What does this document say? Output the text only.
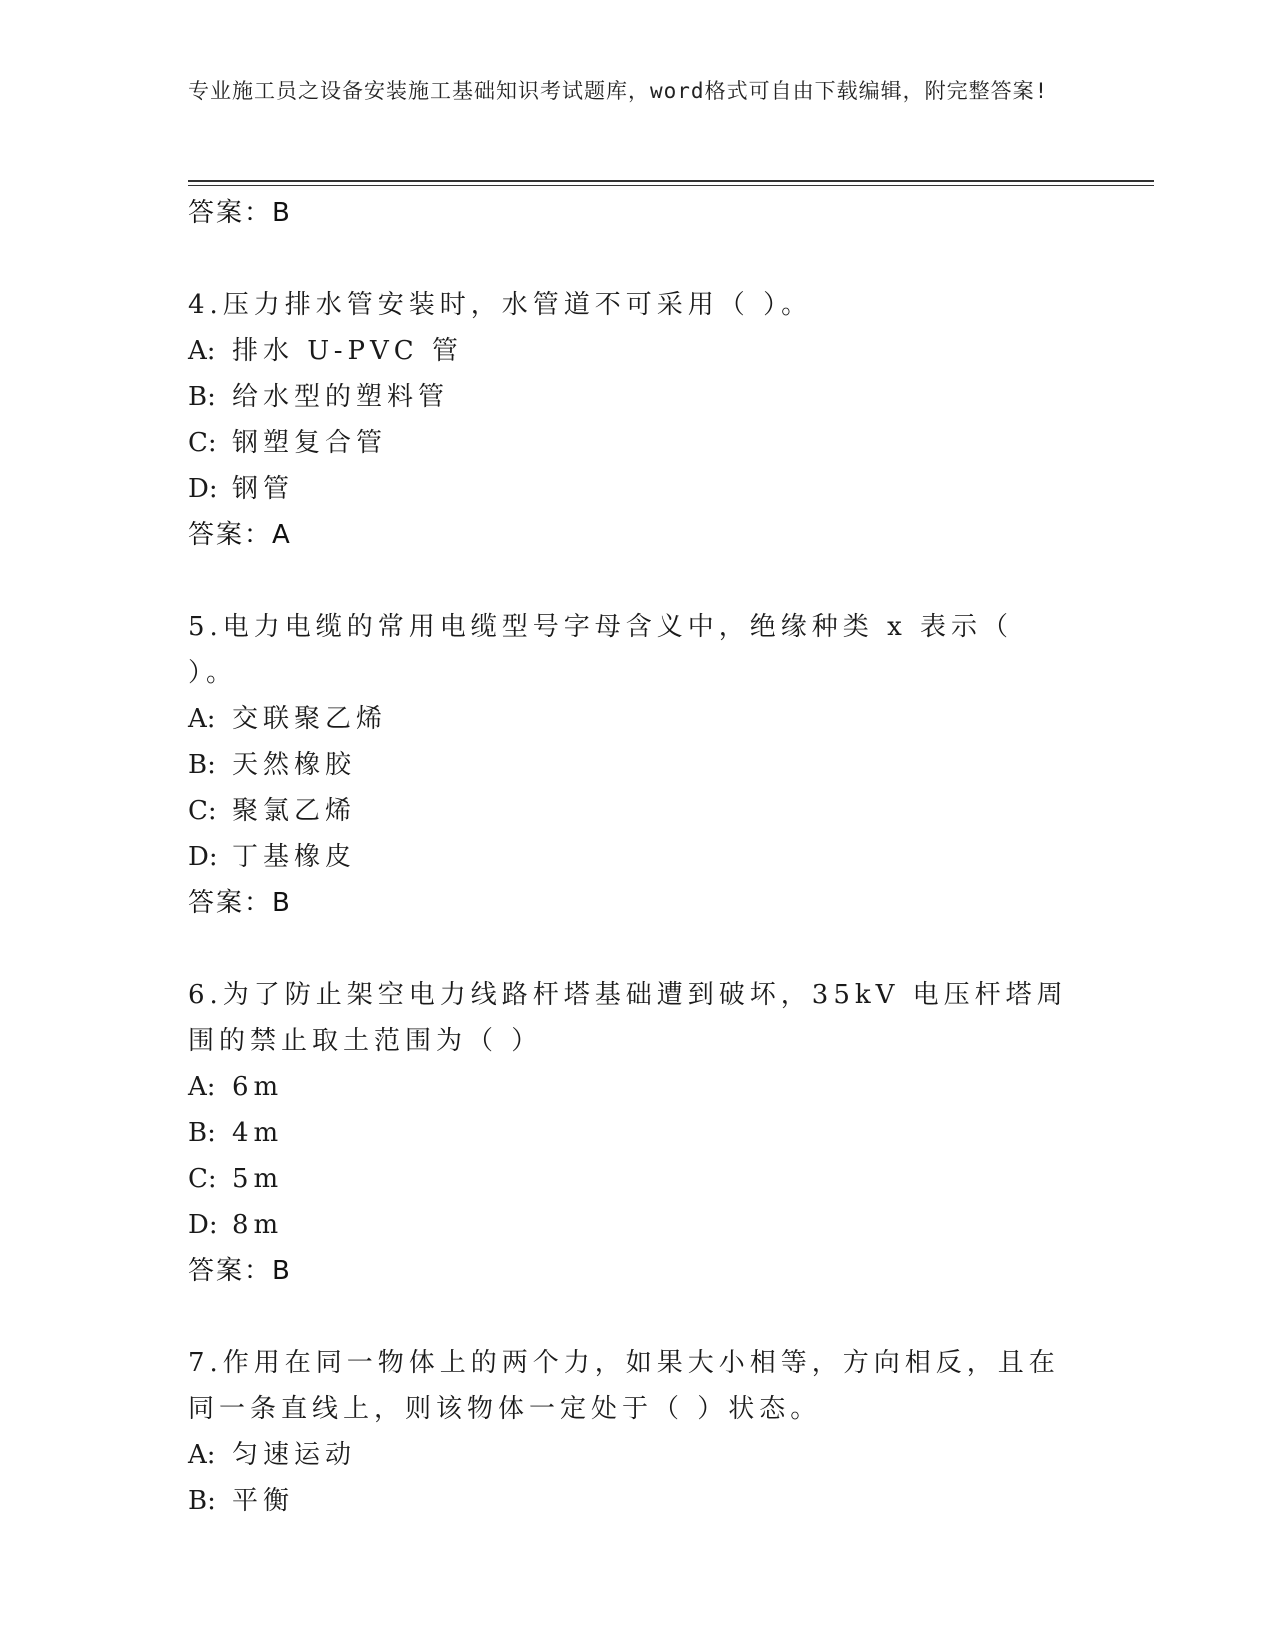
专业施工员之设备安装施工基础知识考试题库，word格式可自由下载编辑，附完整答案!
答案：B
4.压力排水管安装时，水管道不可采用（ ）。
A: 排水 U-PVC 管
B: 给水型的塑料管
C: 钢塑复合管
D: 钢管
答案：A
5.电力电缆的常用电缆型号字母含义中，绝缘种类 x 表示（ ）。
A: 交联聚乙烯
B: 天然橡胶
C: 聚氯乙烯
D: 丁基橡皮
答案：B
6.为了防止架空电力线路杆塔基础遭到破坏，35kV 电压杆塔周围的禁止取土范围为（ ）
A: 6m
B: 4m
C: 5m
D: 8m
答案：B
7.作用在同一物体上的两个力，如果大小相等，方向相反，且在同一条直线上，则该物体一定处于（ ）状态。
A: 匀速运动
B: 平衡
